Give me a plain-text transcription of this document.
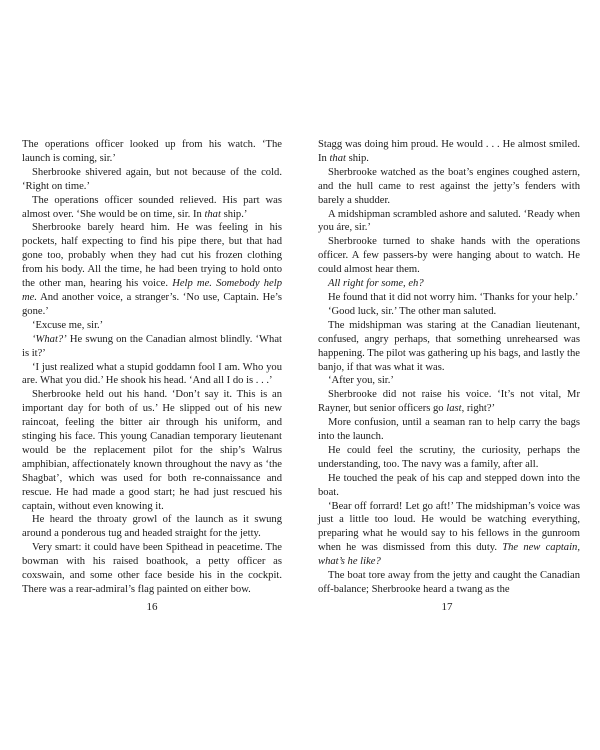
The operations officer looked up from his watch. ‘The launch is coming, sir.’

Sherbrooke shivered again, but not because of the cold. ‘Right on time.’

The operations officer sounded relieved. His part was almost over. ‘She would be on time, sir. In that ship.’

Sherbrooke barely heard him. He was feeling in his pockets, half expecting to find his pipe there, but that had gone too, probably when they had cut his frozen clothing from his body. All the time, he had been trying to hold onto the other man, hearing his voice. Help me. Somebody help me. And another voice, a stranger’s. ‘No use, Captain. He’s gone.’

‘Excuse me, sir.’

‘What?’ He swung on the Canadian almost blindly. ‘What is it?’

‘I just realized what a stupid goddamn fool I am. Who you are. What you did.’ He shook his head. ‘And all I do is . . .’

Sherbrooke held out his hand. ‘Don’t say it. This is an important day for both of us.’ He slipped out of his new raincoat, feeling the bitter air through his uniform, and stinging his face. This young Canadian temporary lieutenant would be the replacement pilot for the ship’s Walrus amphibian, affectionately known throughout the navy as ‘the Shagbat’, which was used for both re-connaissance and rescue. He had made a good start; he had just rescued his captain, without even knowing it.

He heard the throaty growl of the launch as it swung around a ponderous tug and headed straight for the jetty.

Very smart: it could have been Spithead in peacetime. The bowman with his raised boathook, a petty officer as coxswain, and some other face beside his in the cockpit. There was a rear-admiral’s flag painted on either bow.

16

Stagg was doing him proud. He would . . . He almost smiled. In that ship.

Sherbrooke watched as the boat’s engines coughed astern, and the hull came to rest against the jetty’s fenders with barely a shudder.

A midshipman scrambled ashore and saluted. ‘Ready when you áre, sir.’

Sherbrooke turned to shake hands with the operations officer. A few passers-by were hanging about to watch. He could almost hear them.

All right for some, eh?

He found that it did not worry him. ‘Thanks for your help.’

‘Good luck, sir.’ The other man saluted.

The midshipman was staring at the Canadian lieutenant, confused, angry perhaps, that something unrehearsed was happening. The pilot was gathering up his bags, and lastly the banjo, if that was what it was.

‘After you, sir.’

Sherbrooke did not raise his voice. ‘It’s not vital, Mr Rayner, but senior officers go last, right?’

More confusion, until a seaman ran to help carry the bags into the launch.

He could feel the scrutiny, the curiosity, perhaps the understanding, too. The navy was a family, after all.

He touched the peak of his cap and stepped down into the boat.

‘Bear off forrard! Let go aft!’ The midshipman’s voice was just a little too loud. He would be watching everything, preparing what he would say to his fellows in the gunroom when he was dismissed from this duty. The new captain, what’s he like?

The boat tore away from the jetty and caught the Canadian off-balance; Sherbrooke heard a twang as the

17
